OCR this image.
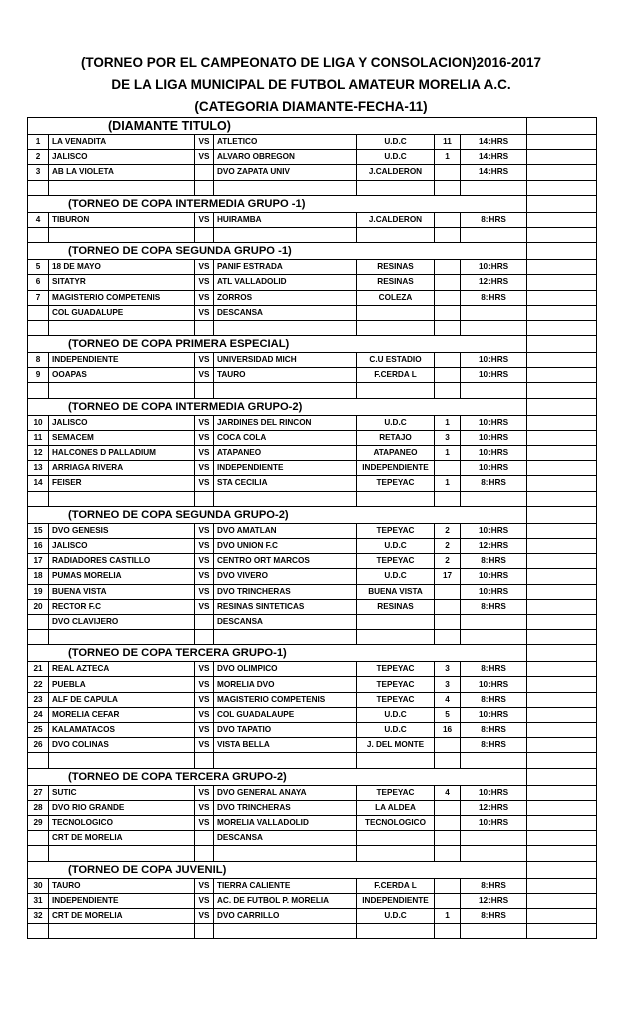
(TORNEO POR EL CAMPEONATO DE LIGA Y CONSOLACION)2016-2017
DE LA LIGA MUNICIPAL DE FUTBOL AMATEUR MORELIA A.C.
(CATEGORIA DIAMANTE-FECHA-11)
(DIAMANTE TITULO)							
1	LA VENADITA	VS	ATLETICO	U.D.C	11	14:HRS	
2	JALISCO	VS	ALVARO OBREGON	U.D.C	1	14:HRS	
3	AB LA VIOLETA		DVO ZAPATA UNIV	J.CALDERON		14:HRS	

(TORNEO DE COPA INTERMEDIA GRUPO -1)							
4	TIBURON	VS	HUIRAMBA	J.CALDERON		8:HRS	

(TORNEO DE COPA SEGUNDA GRUPO -1)							
5	18 DE MAYO	VS	PANIF ESTRADA	RESINAS		10:HRS	
6	SITATYR	VS	ATL VALLADOLID	RESINAS		12:HRS	
7	MAGISTERIO COMPETENIS	VS	ZORROS	COLEZA		8:HRS	
	COL GUADALUPE	VS	DESCANSA				

(TORNEO DE COPA PRIMERA ESPECIAL)							
8	INDEPENDIENTE	VS	UNIVERSIDAD MICH	C.U ESTADIO		10:HRS	
9	OOAPAS	VS	TAURO	F.CERDA L		10:HRS	

(TORNEO DE COPA INTERMEDIA GRUPO-2)							
10	JALISCO	VS	JARDINES DEL RINCON	U.D.C	1	10:HRS	
11	SEMACEM	VS	COCA COLA	RETAJO	3	10:HRS	
12	HALCONES D PALLADIUM	VS	ATAPANEO	ATAPANEO	1	10:HRS	
13	ARRIAGA RIVERA	VS	INDEPENDIENTE	INDEPENDIENTE		10:HRS	
14	FEISER	VS	STA CECILIA	TEPEYAC	1	8:HRS	

(TORNEO DE COPA SEGUNDA GRUPO-2)							
15	DVO GENESIS	VS	DVO AMATLAN	TEPEYAC	2	10:HRS	
16	JALISCO	VS	DVO UNION F.C	U.D.C	2	12:HRS	
17	RADIADORES CASTILLO	VS	CENTRO ORT MARCOS	TEPEYAC	2	8:HRS	
18	PUMAS MORELIA	VS	DVO VIVERO	U.D.C	17	10:HRS	
19	BUENA VISTA	VS	DVO TRINCHERAS	BUENA VISTA		10:HRS	
20	RECTOR F.C	VS	RESINAS SINTETICAS	RESINAS		8:HRS	
	DVO CLAVIJERO		DESCANSA				

(TORNEO DE COPA TERCERA GRUPO-1)							
21	REAL AZTECA	VS	DVO OLIMPICO	TEPEYAC	3	8:HRS	
22	PUEBLA	VS	MORELIA DVO	TEPEYAC	3	10:HRS	
23	ALF DE CAPULA	VS	MAGISTERIO COMPETENIS	TEPEYAC	4	8:HRS	
24	MORELIA CEFAR	VS	COL GUADALAUPE	U.D.C	5	10:HRS	
25	KALAMATACOS	VS	DVO TAPATIO	U.D.C	16	8:HRS	
26	DVO COLINAS	VS	VISTA BELLA	J. DEL MONTE		8:HRS	

(TORNEO DE COPA TERCERA GRUPO-2)							
27	SUTIC	VS	DVO GENERAL ANAYA	TEPEYAC	4	10:HRS	
28	DVO RIO GRANDE	VS	DVO TRINCHERAS	LA ALDEA		12:HRS	
29	TECNOLOGICO	VS	MORELIA VALLADOLID	TECNOLOGICO		10:HRS	
	CRT DE MORELIA		DESCANSA				

(TORNEO DE COPA JUVENIL)							
30	TAURO	VS	TIERRA CALIENTE	F.CERDA L		8:HRS	
31	INDEPENDIENTE	VS	AC. DE FUTBOL P. MORELIA	INDEPENDIENTE		12:HRS	
32	CRT DE MORELIA	VS	DVO CARRILLO	U.D.C	1	8:HRS	
